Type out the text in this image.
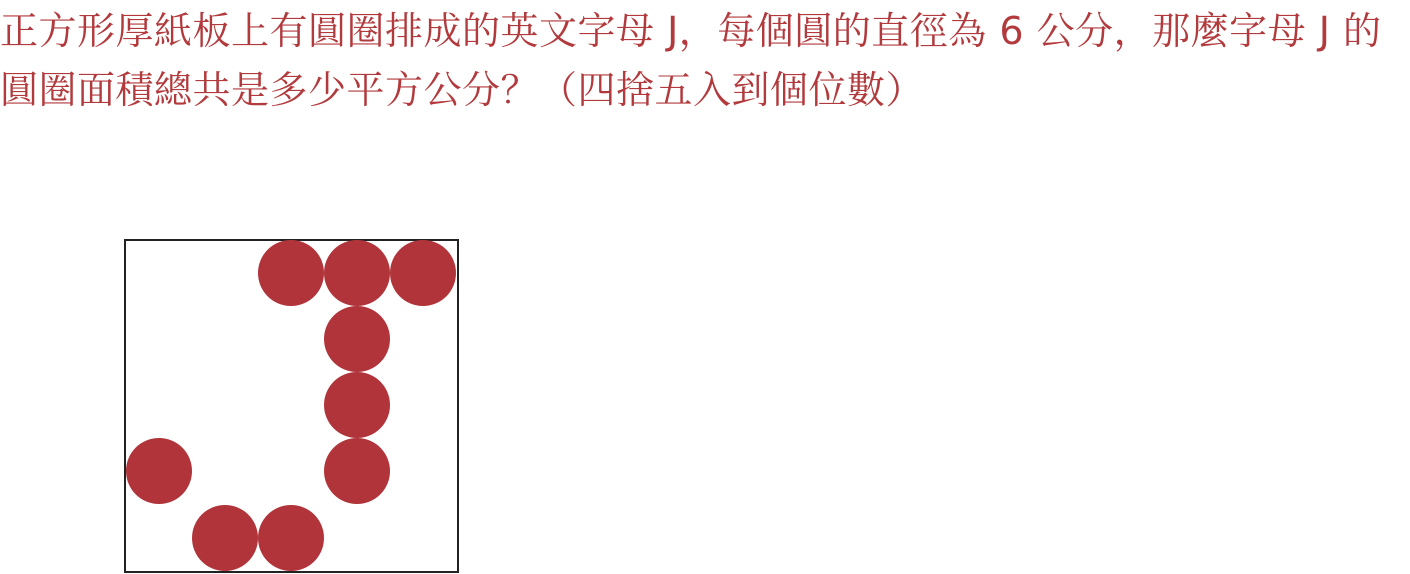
正方形厚紙板上有圓圈排成的英文字母 J，每個圓的直徑為 6 公分，那麼字母 J 的圓圈面積總共是多少平方公分？（四捨五入到個位數）
